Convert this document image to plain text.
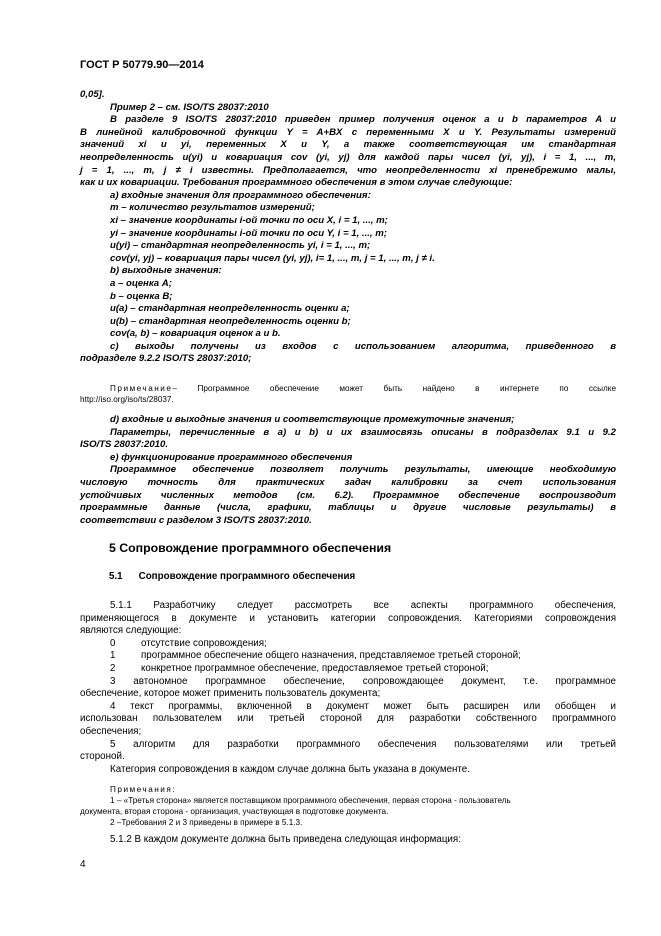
ГОСТ Р 50779.90—2014
0,05].
Пример 2 – см. ISO/TS 28037:2010
В разделе 9 ISO/TS 28037:2010 приведен пример получения оценок a и b параметров A и
B линейной калибровочной функции Y = A+BX с переменными X и Y. Результаты измерений
значений xi и yi, переменных X и Y, а также соответствующая им стандартная
неопределенность u(yi) и ковариация cov (yi, yj) для каждой пары чисел (yi, yj), i = 1, ..., m,
j = 1, ..., m, j ≠ i известны. Предполагается, что неопределенности xi пренебрежимо малы,
как и их ковариации. Требования программного обеспечения в этом случае следующие:
a) входные значения для программного обеспечения:
m – количество результатов измерений;
xi – значение координаты i-ой точки по оси X, i = 1, ..., m;
yi – значение координаты i-ой точки по оси Y, i = 1, ..., m;
u(yi) – стандартная неопределенность yi, i = 1, ..., m;
cov(yi, yj) – ковариация пары чисел (yi, yj), i= 1, ..., m, j = 1, ..., m, j ≠ i.
b) выходные значения:
a – оценка A;
b – оценка B;
u(a) – стандартная неопределенность оценки a;
u(b) – стандартная неопределенность оценки b;
cov(a, b) – ковариация оценок a и b.
c) выходы получены из входов с использованием алгоритма, приведенного в
подразделе 9.2.2 ISO/TS 28037:2010;
Примечание– Программное обеспечение может быть найдено в интернете по ссылке
http://iso.org/iso/ts/28037.
d) входные и выходные значения и соответствующие промежуточные значения;
Параметры, перечисленные в a) и b) и их взаимосвязь описаны в подразделах 9.1 и 9.2
ISO/TS 28037:2010.
e) функционирование программного обеспечения
Программное обеспечение позволяет получить результаты, имеющие необходимую
числовую точность для практических задач калибровки за счет использования
устойчивых численных методов (см. 6.2). Программное обеспечение воспроизводит
программные данные (числа, графики, таблицы и другие числовые результаты) в
соответствии с разделом 3 ISO/TS 28037:2010.
5 Сопровождение программного обеспечения
5.1 Сопровождение программного обеспечения
5.1.1 Разработчику следует рассмотреть все аспекты программного обеспечения,
применяющегося в документе и установить категории сопровождения. Категориями сопровождения
являются следующие:
0	отсутствие сопровождения;
1	программное обеспечение общего назначения, представляемое третьей стороной;
2	конкретное программное обеспечение, предоставляемое третьей стороной;
3 автономное программное обеспечение, сопровождающее документ, т.е. программное
обеспечение, которое может применить пользователь документа;
4 текст программы, включенной в документ может быть расширен или обобщен и
использован пользователем или третьей стороной для разработки собственного программного
обеспечения;
5 алгоритм для разработки программного обеспечения пользователями или третьей
стороной.
Категория сопровождения в каждом случае должна быть указана в документе.
Примечания:
1 – «Третья сторона» является поставщиком программного обеспечения, первая сторона - пользователь
документа, вторая сторона - организация, участвующая в подготовке документа.
2 –Требования 2 и 3 приведены в примере в 5.1.3.
5.1.2 В каждом документе должна быть приведена следующая информация:
4
